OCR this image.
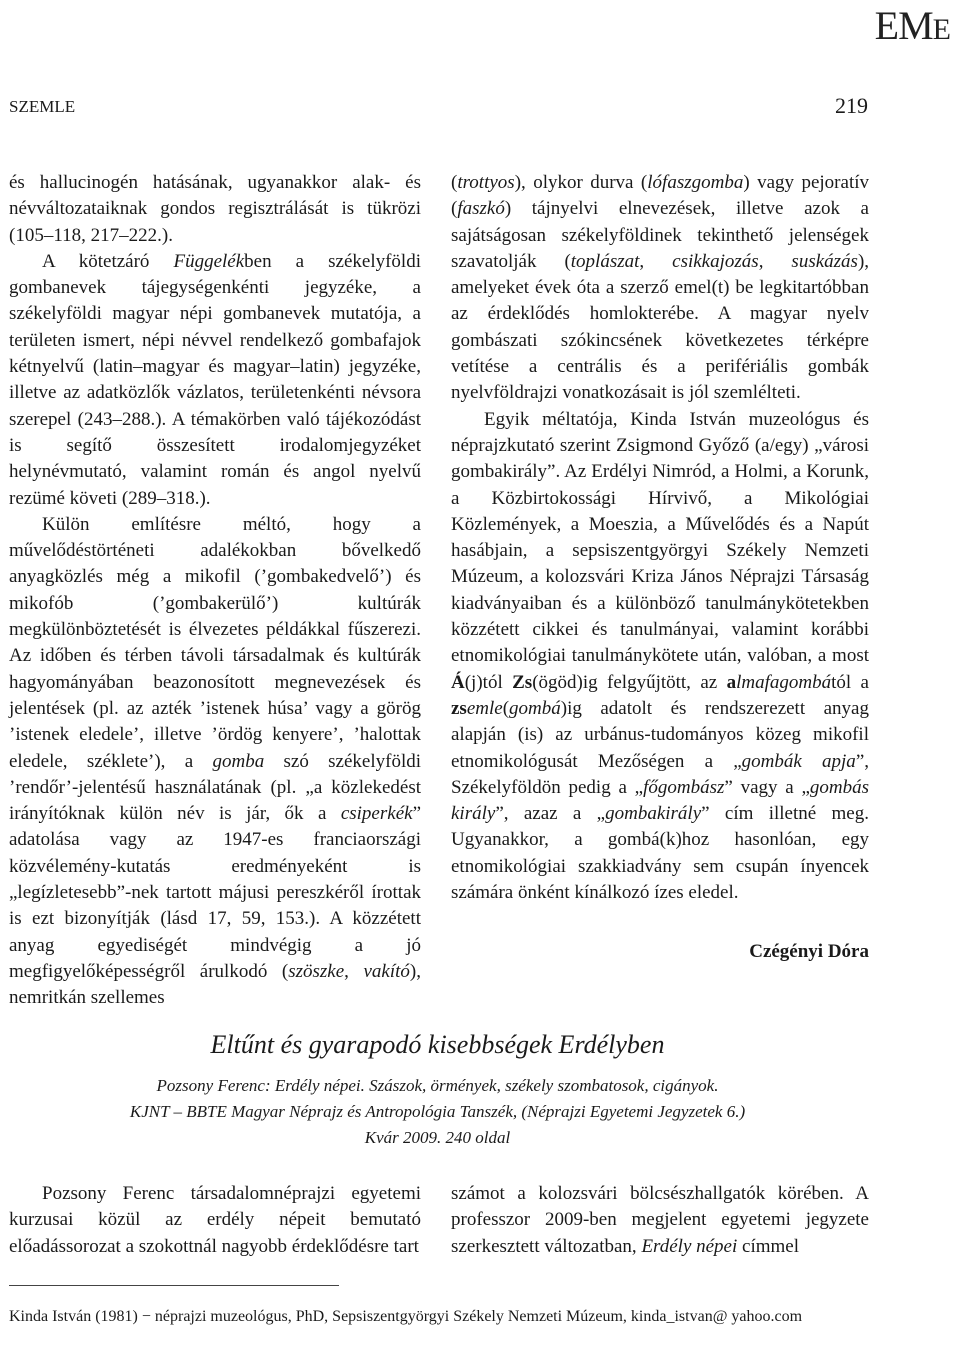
EME
SZEMLE	219

és hallucinogén hatásának, ugyanakkor alak- és névváltozataiknak gondos regisztrálását is tükrözi (105–118, 217–222.).

A kötetzáró Függelékben a székelyföldi gombanevek tájegységenkénti jegyzéke, a székelyföldi magyar népi gombanevek mutatója, a területen ismert, népi névvel rendelkező gombafajok kétnyelvű (latin–magyar és magyar–latin) jegyzéke, illetve az adatközlők vázlatos, területenkénti névsora szerepel (243–288.). A témakörben való tájékozódást is segítő összesített irodalomjegyzéket helynévmutató, valamint román és angol nyelvű rezümé követi (289–318.).

Külön említésre méltó, hogy a művelődéstörténeti adalékokban bővelkedő anyagközlés még a mikofil (’gombakedvelő’) és mikofób (’gombakerülő’) kultúrák megkülönböztetését is élvezetes példákkal fűszerezi. Az időben és térben távoli társadalmak és kultúrák hagyományában beazonosított megnevezések és jelentések (pl. az azték ’istenek húsa’ vagy a görög ’istenek eledele’, illetve ’ördög kenyere’, ’halottak eledele, széklete’), a gomba szó székelyföldi ’rendőr’-jelentésű használatának (pl. „a közlekedést irányítóknak külön név is jár, ők a csiperkék” adatolása vagy az 1947-es franciaországi közvélemény-kutatás eredményeként is „legízletesebb”-nek tartott májusi pereszkéről írottak is ezt bizonyítják (lásd 17, 59, 153.). A közzétett anyag egyediségét mindvégig a jó megfigyelőképességről árulkodó (szöszke, vakító), nemritkán szellemes

(trottyos), olykor durva (lófaszgomba) vagy pejoratív (faszkó) tájnyelvi elnevezések, illetve azok a sajátságosan székelyföldinek tekinthető jelenségek szavatolják (toplászat, csikkajozás, suskázás), amelyeket évek óta a szerző emel(t) be legkitartóbban az érdeklődés homlokterébe. A magyar nyelv gombászati szókincsének következetes térképre vetítése a centrális és a perifériális gombák nyelvföldrajzi vonatkozásait is jól szemlélteti.

Egyik méltatója, Kinda István muzeológus és néprajzkutató szerint Zsigmond Győző (a/egy) „városi gombakirály”. Az Erdélyi Nimród, a Holmi, a Korunk, a Közbirtokossági Hírvivő, a Mikológiai Közlemények, a Moeszia, a Művelődés és a Napút hasábjain, a sepsiszentgyörgyi Székely Nemzeti Múzeum, a kolozsvári Kriza János Néprajzi Társaság kiadványaiban és a különböző tanulmánykötetekben közzétett cikkei és tanulmányai, valamint korábbi etnomikológiai tanulmánykötete után, valóban, a most Á(j)tól Zs(ögöd)ig felgyűjtött, az almafagombától a zsemle(gombá)ig adatolt és rendszerezett anyag alapján (is) az urbánus-tudományos közeg mikofil etnomikológusát Mezőségen a „gombák apja”, Székelyföldön pedig a „főgombász” vagy a „gombás király”, azaz a „gombakirály” cím illetné meg. Ugyanakkor, a gombá(k)hoz hasonlóan, egy etnomikológiai szakkiadvány sem csupán ínyencek számára önként kínálkozó ízes eledel.

Czégényi Dóra
Eltűnt és gyarapodó kisebbségek Erdélyben
Pozsony Ferenc: Erdély népei. Szászok, örmények, székely szombatosok, cigányok.
KJNT – BBTE Magyar Néprajz és Antropológia Tanszék, (Néprajzi Egyetemi Jegyzetek 6.)
Kvár 2009. 240 oldal

Pozsony Ferenc társadalomnéprajzi egyetemi kurzusai közül az erdély népeit bemutató előadássorozat a szokottnál nagyobb érdeklődésre tart

számot a kolozsvári bölcsészhallgatók körében. A professzor 2009-ben megjelent egyetemi jegyzete szerkesztett változatban, Erdély népei címmel

Kinda István (1981) − néprajzi muzeológus, PhD, Sepsiszentgyörgyi Székely Nemzeti Múzeum, kinda_istvan@ yahoo.com
